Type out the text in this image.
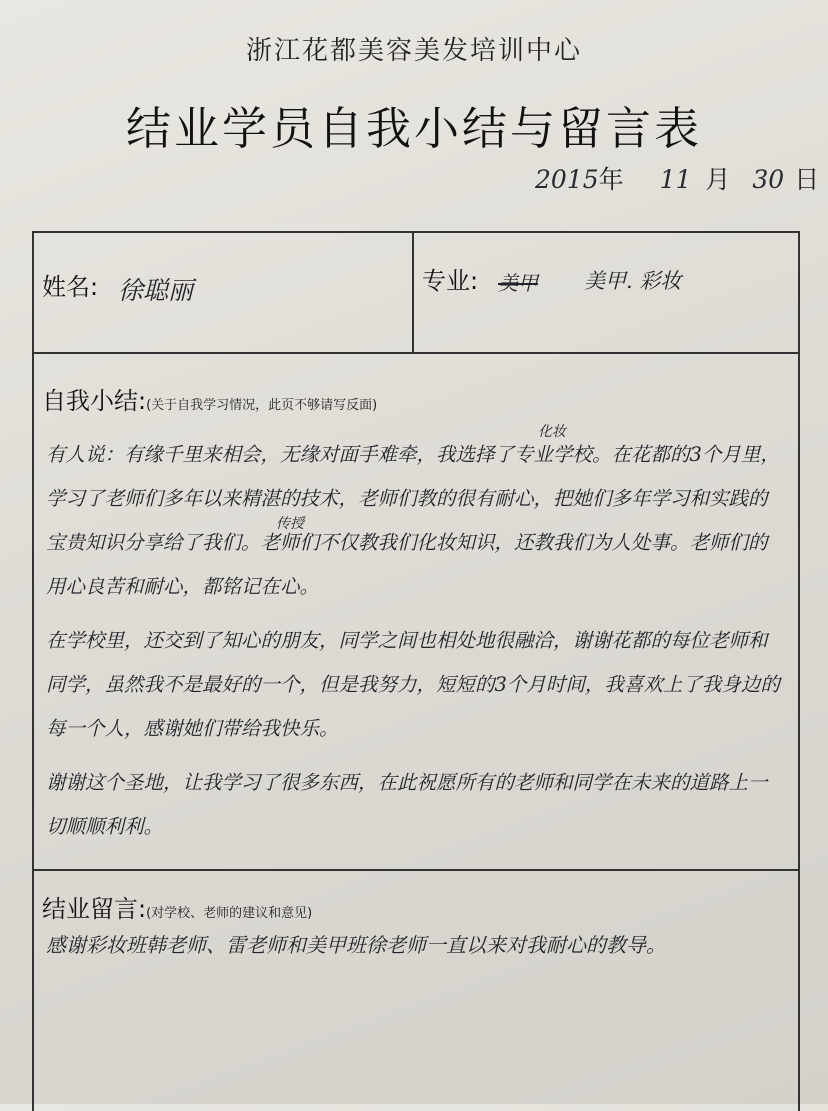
浙江花都美容美发培训中心
结业学员自我小结与留言表
2015年 11 月 30 日
姓名: 徐聪丽	专业: 美甲 美甲. 彩妆
自我小结:(关于自我学习情况，此页不够请写反面)
化妆
传授

有人说：有缘千里来相会，无缘对面手难牵，我选择了专业学校。在花都的3个月里，学习了老师们多年以来精湛的技术，老师们教的很有耐心，把她们多年学习和实践的宝贵知识分享给了我们。老师们不仅教我们化妆知识，还教我们为人处事。老师们的用心良苦和耐心，都铭记在心。

在学校里，还交到了知心的朋友，同学之间也相处地很融洽，谢谢花都的每位老师和同学，虽然我不是最好的一个，但是我努力，短短的3个月时间，我喜欢上了我身边的每一个人，感谢她们带给我快乐。

谢谢这个圣地，让我学习了很多东西，在此祝愿所有的老师和同学在未来的道路上一切顺顺利利。

结业留言:(对学校、老师的建议和意见)
感谢彩妆班韩老师、雷老师和美甲班徐老师一直以来对我耐心的教导。
